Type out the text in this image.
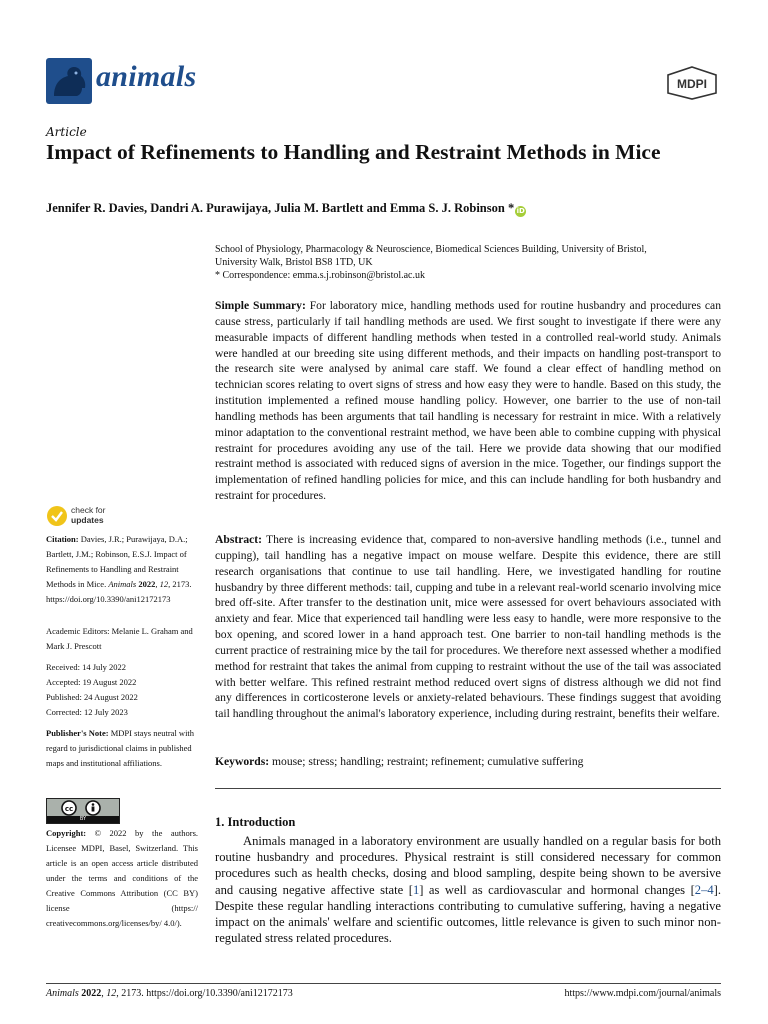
animals	MDPI
Article
Impact of Refinements to Handling and Restraint Methods in Mice
Jennifer R. Davies, Dandri A. Purawijaya, Julia M. Bartlett and Emma S. J. Robinson * iD
School of Physiology, Pharmacology & Neuroscience, Biomedical Sciences Building, University of Bristol,
University Walk, Bristol BS8 1TD, UK
* Correspondence: emma.s.j.robinson@bristol.ac.uk
Simple Summary: For laboratory mice, handling methods used for routine husbandry and procedures can cause stress, particularly if tail handling methods are used. We first sought to investigate if there were any measurable impacts of different handling methods when tested in a controlled real-world study. Animals were handled at our breeding site using different methods, and their impacts on handling post-transport to the research site were analysed by animal care staff. We found a clear effect of handling method on technician scores relating to overt signs of stress and how easy they were to handle. Based on this study, the institution implemented a refined mouse handling policy. However, one barrier to the use of non-tail handling methods has been arguments that tail handling is necessary for restraint in mice. With a relatively minor adaptation to the conventional restraint method, we have been able to combine cupping with physical restraint for procedures avoiding any use of the tail. Here we provide data showing that our modified restraint method is associated with reduced signs of aversion in the mice. Together, our findings support the implementation of refined handling policies for mice, and this can include handling for both husbandry and restraint for procedures.
Abstract: There is increasing evidence that, compared to non-aversive handling methods (i.e., tunnel and cupping), tail handling has a negative impact on mouse welfare. Despite this evidence, there are still research organisations that continue to use tail handling. Here, we investigated handling for routine husbandry by three different methods: tail, cupping and tube in a relevant real-world scenario involving mice bred off-site. After transfer to the destination unit, mice were assessed for overt behaviours associated with anxiety and fear. Mice that experienced tail handling were less easy to handle, were more responsive to the box opening, and scored lower in a hand approach test. One barrier to non-tail handling methods is the current practice of restraining mice by the tail for procedures. We therefore next assessed whether a modified method for restraint that takes the animal from cupping to restraint without the use of the tail was associated with better welfare. This refined restraint method reduced overt signs of distress although we did not find any differences in corticosterone levels or anxiety-related behaviours. These findings suggest that avoiding tail handling throughout the animal's laboratory experience, including during restraint, benefits their welfare.
Keywords: mouse; stress; handling; restraint; refinement; cumulative suffering
1. Introduction
Animals managed in a laboratory environment are usually handled on a regular basis for both routine husbandry and procedures. Physical restraint is still considered necessary for common procedures such as health checks, dosing and blood sampling, despite being shown to be aversive and causing negative affective state [1] as well as cardiovascular and hormonal changes [2–4]. Despite these regular handling interactions contributing to cumulative suffering, having a negative impact on the animals' welfare and scientific outcomes, little relevance is given to such minor non-regulated stress related procedures.
check for
updates
Citation: Davies, J.R.; Purawijaya, D.A.; Bartlett, J.M.; Robinson, E.S.J. Impact of Refinements to Handling and Restraint Methods in Mice. Animals 2022, 12, 2173. https://doi.org/10.3390/ani12172173
Academic Editors: Melanie L. Graham and Mark J. Prescott
Received: 14 July 2022
Accepted: 19 August 2022
Published: 24 August 2022
Corrected: 12 July 2023
Publisher's Note: MDPI stays neutral with regard to jurisdictional claims in published maps and institutional affiliations.
cc
BY
Copyright: © 2022 by the authors. Licensee MDPI, Basel, Switzerland. This article is an open access article distributed under the terms and conditions of the Creative Commons Attribution (CC BY) license (https:// creativecommons.org/licenses/by/ 4.0/).
Animals 2022, 12, 2173. https://doi.org/10.3390/ani12172173	https://www.mdpi.com/journal/animals
